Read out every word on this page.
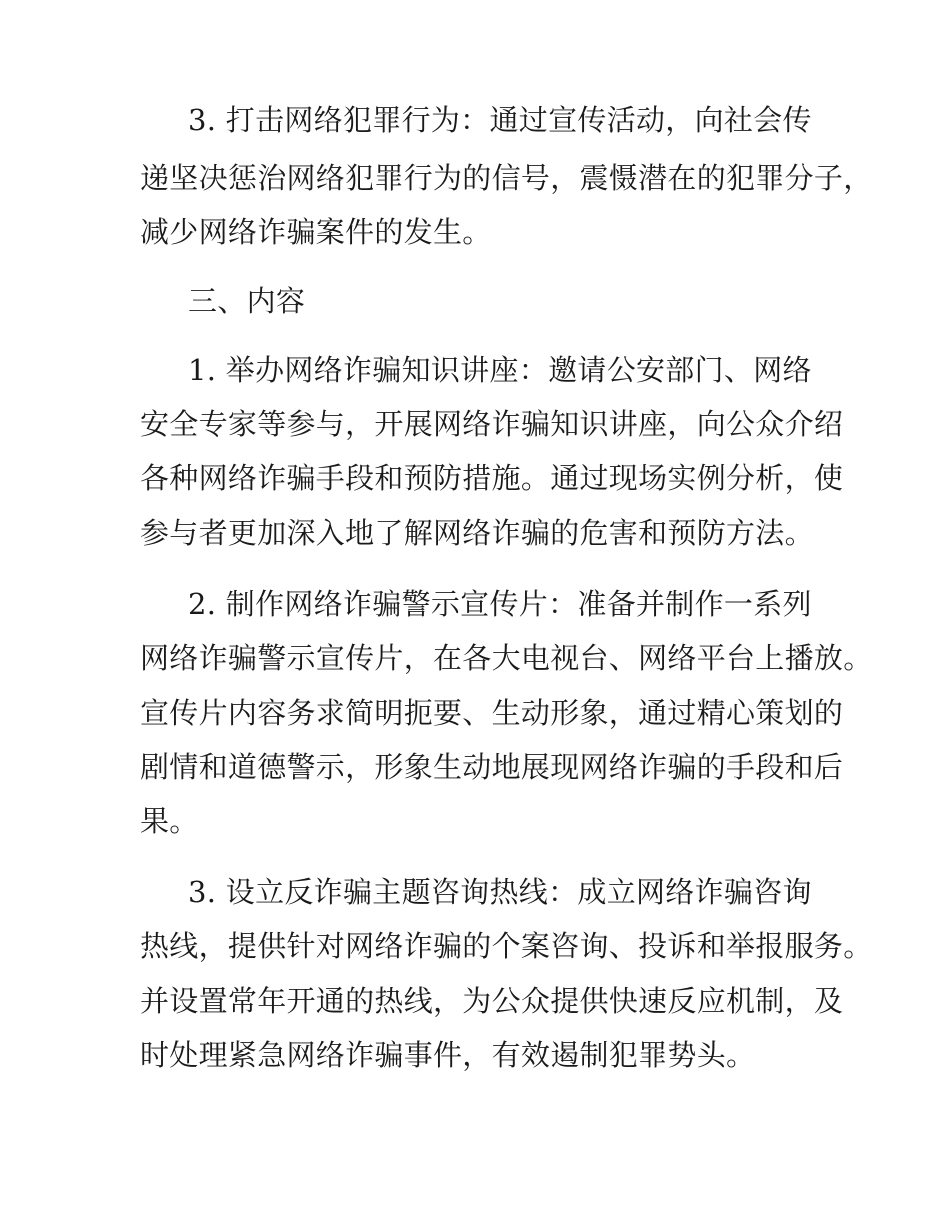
3. 打击网络犯罪行为：通过宣传活动，向社会传
递坚决惩治网络犯罪行为的信号，震慑潜在的犯罪分子，
减少网络诈骗案件的发生。
三、内容
1. 举办网络诈骗知识讲座：邀请公安部门、网络
安全专家等参与，开展网络诈骗知识讲座，向公众介绍
各种网络诈骗手段和预防措施。通过现场实例分析，使
参与者更加深入地了解网络诈骗的危害和预防方法。
2. 制作网络诈骗警示宣传片：准备并制作一系列
网络诈骗警示宣传片，在各大电视台、网络平台上播放。
宣传片内容务求简明扼要、生动形象，通过精心策划的
剧情和道德警示，形象生动地展现网络诈骗的手段和后
果。
3. 设立反诈骗主题咨询热线：成立网络诈骗咨询
热线，提供针对网络诈骗的个案咨询、投诉和举报服务。
并设置常年开通的热线，为公众提供快速反应机制，及
时处理紧急网络诈骗事件，有效遏制犯罪势头。
